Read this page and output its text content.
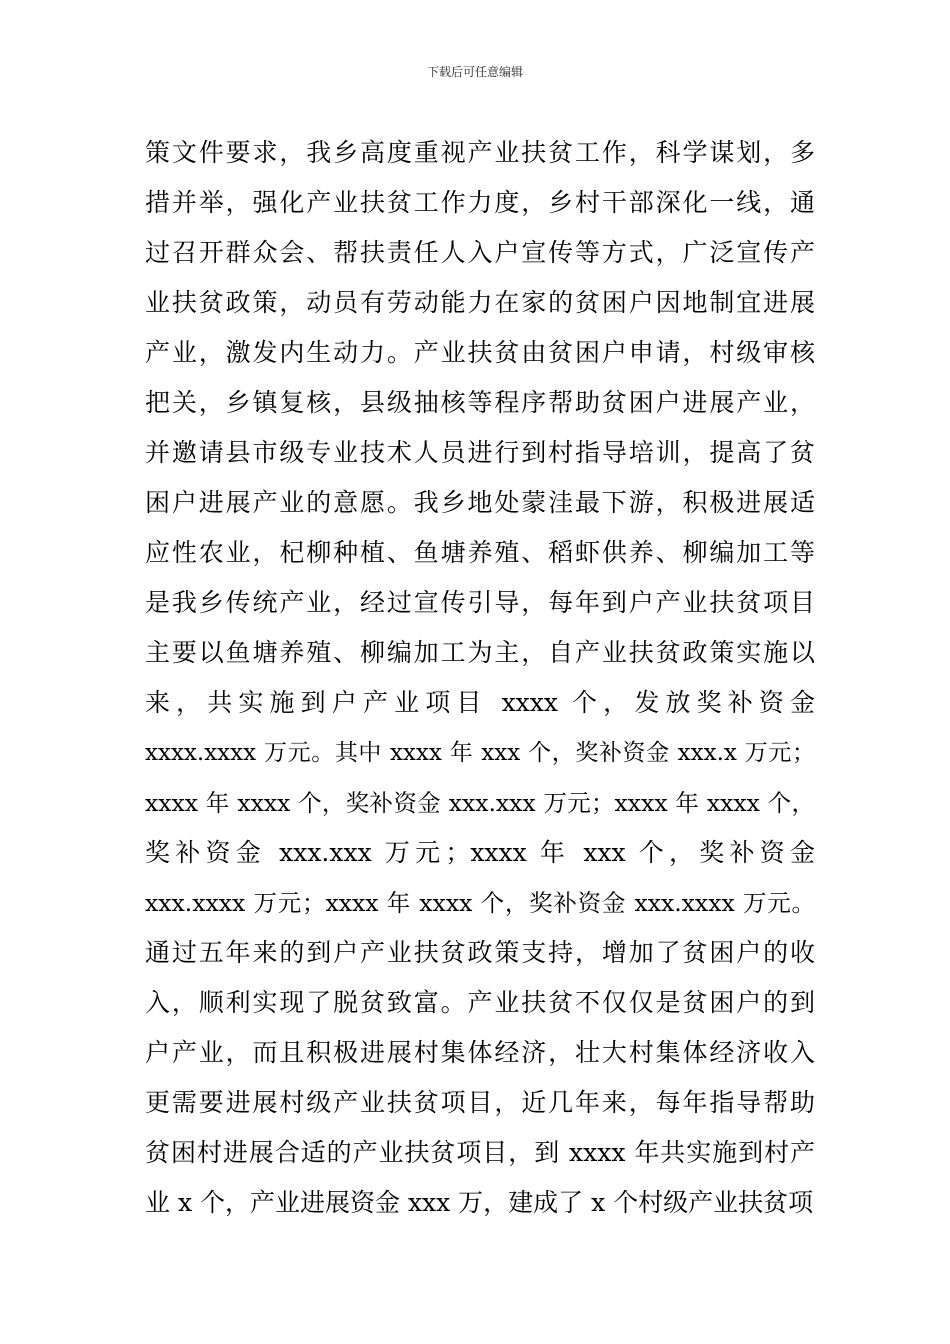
下载后可任意编辑
策文件要求，我乡高度重视产业扶贫工作，科学谋划，多
措并举，强化产业扶贫工作力度，乡村干部深化一线，通
过召开群众会、帮扶责任人入户宣传等方式，广泛宣传产
业扶贫政策，动员有劳动能力在家的贫困户因地制宜进展
产业，激发内生动力。产业扶贫由贫困户申请，村级审核
把关，乡镇复核，县级抽核等程序帮助贫困户进展产业，
并邀请县市级专业技术人员进行到村指导培训，提高了贫
困户进展产业的意愿。我乡地处蒙洼最下游，积极进展适
应性农业，杞柳种植、鱼塘养殖、稻虾供养、柳编加工等
是我乡传统产业，经过宣传引导，每年到户产业扶贫项目
主要以鱼塘养殖、柳编加工为主，自产业扶贫政策实施以
来，共实施到户产业项目 xxxx 个，发放奖补资金
xxxx.xxxx 万元。其中 xxxx 年 xxx 个，奖补资金 xxx.x 万元；
xxxx 年 xxxx 个，奖补资金 xxx.xxx 万元；xxxx 年 xxxx 个，
奖补资金 xxx.xxx 万元；xxxx 年 xxx 个，奖补资金
xxx.xxxx 万元；xxxx 年 xxxx 个，奖补资金 xxx.xxxx 万元。
通过五年来的到户产业扶贫政策支持，增加了贫困户的收
入，顺利实现了脱贫致富。产业扶贫不仅仅是贫困户的到
户产业，而且积极进展村集体经济，壮大村集体经济收入
更需要进展村级产业扶贫项目，近几年来，每年指导帮助
贫困村进展合适的产业扶贫项目，到 xxxx 年共实施到村产
业 x 个，产业进展资金 xxx 万，建成了 x 个村级产业扶贫项
